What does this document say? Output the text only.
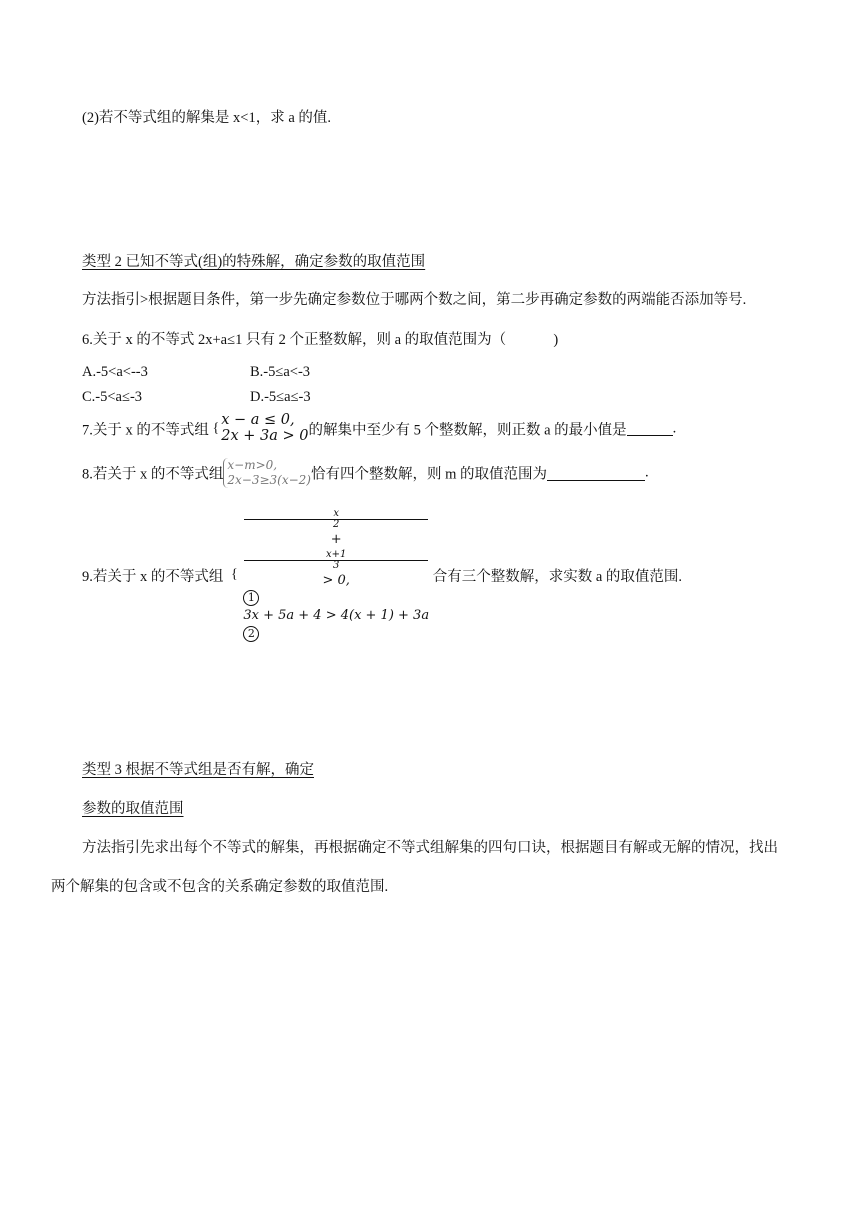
(2)若不等式组的解集是 x<1，求 a 的值.
类型 2 已知不等式(组)的特殊解，确定参数的取值范围
方法指引>根据题目条件，第一步先确定参数位于哪两个数之间，第二步再确定参数的两端能否添加等号.
6.关于 x 的不等式 2x+a≤1 只有 2 个正整数解，则 a 的取值范围为（	)
A.-5<a<--3	B.-5≤a<-3
C.-5<a≤-3	D.-5≤a≤-3
7.关于 x 的不等式组 {
x − a ≤ 0,
2x + 3a > 0 的解集中至少有 5 个整数解，则正数 a 的最小值是	.
8.若关于 x 的不等式组
x−m>0,
2x−3≥3(x−2) 恰有四个整数解，则 m 的取值范围为	.
9.若关于 x 的不等式组 {
x
2
+
x+1
3
> 0,
1
3x + 5a + 4 > 4(x + 1) + 3a
2
合有三个整数解，求实数 a 的取值范围.
类型 3 根据不等式组是否有解，确定
参数的取值范围
方法指引先求出每个不等式的解集，再根据确定不等式组解集的四句口诀，根据题目有解或无解的情况，找出
两个解集的包含或不包含的关系确定参数的取值范围.
